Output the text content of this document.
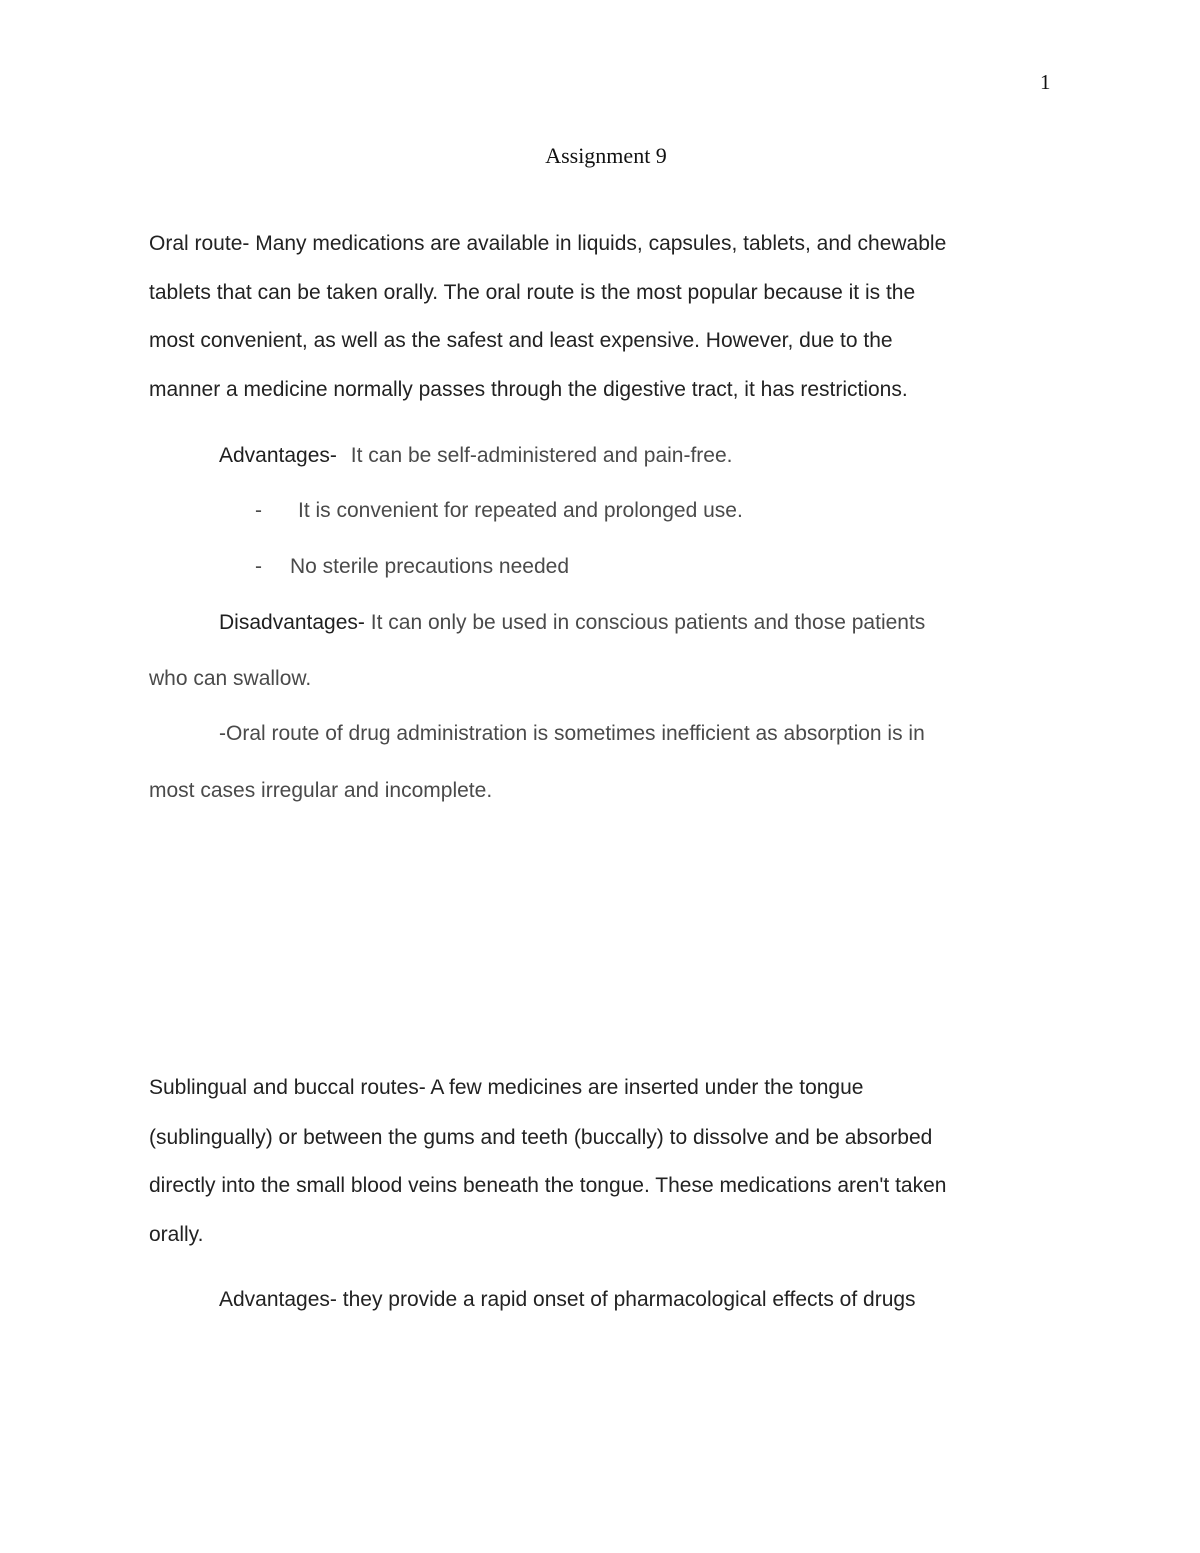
1
Assignment 9
Oral route- Many medications are available in liquids, capsules, tablets, and chewable
tablets that can be taken orally. The oral route is the most popular because it is the
most convenient, as well as the safest and least expensive. However, due to the
manner a medicine normally passes through the digestive tract, it has restrictions.
Advantages- It can be self-administered and pain-free.
- It is convenient for repeated and prolonged use.
- No sterile precautions needed
Disadvantages- It can only be used in conscious patients and those patients
who can swallow.
-Oral route of drug administration is sometimes inefficient as absorption is in
most cases irregular and incomplete.
Sublingual and buccal routes- A few medicines are inserted under the tongue
(sublingually) or between the gums and teeth (buccally) to dissolve and be absorbed
directly into the small blood veins beneath the tongue. These medications aren't taken
orally.
Advantages- they provide a rapid onset of pharmacological effects of drugs
